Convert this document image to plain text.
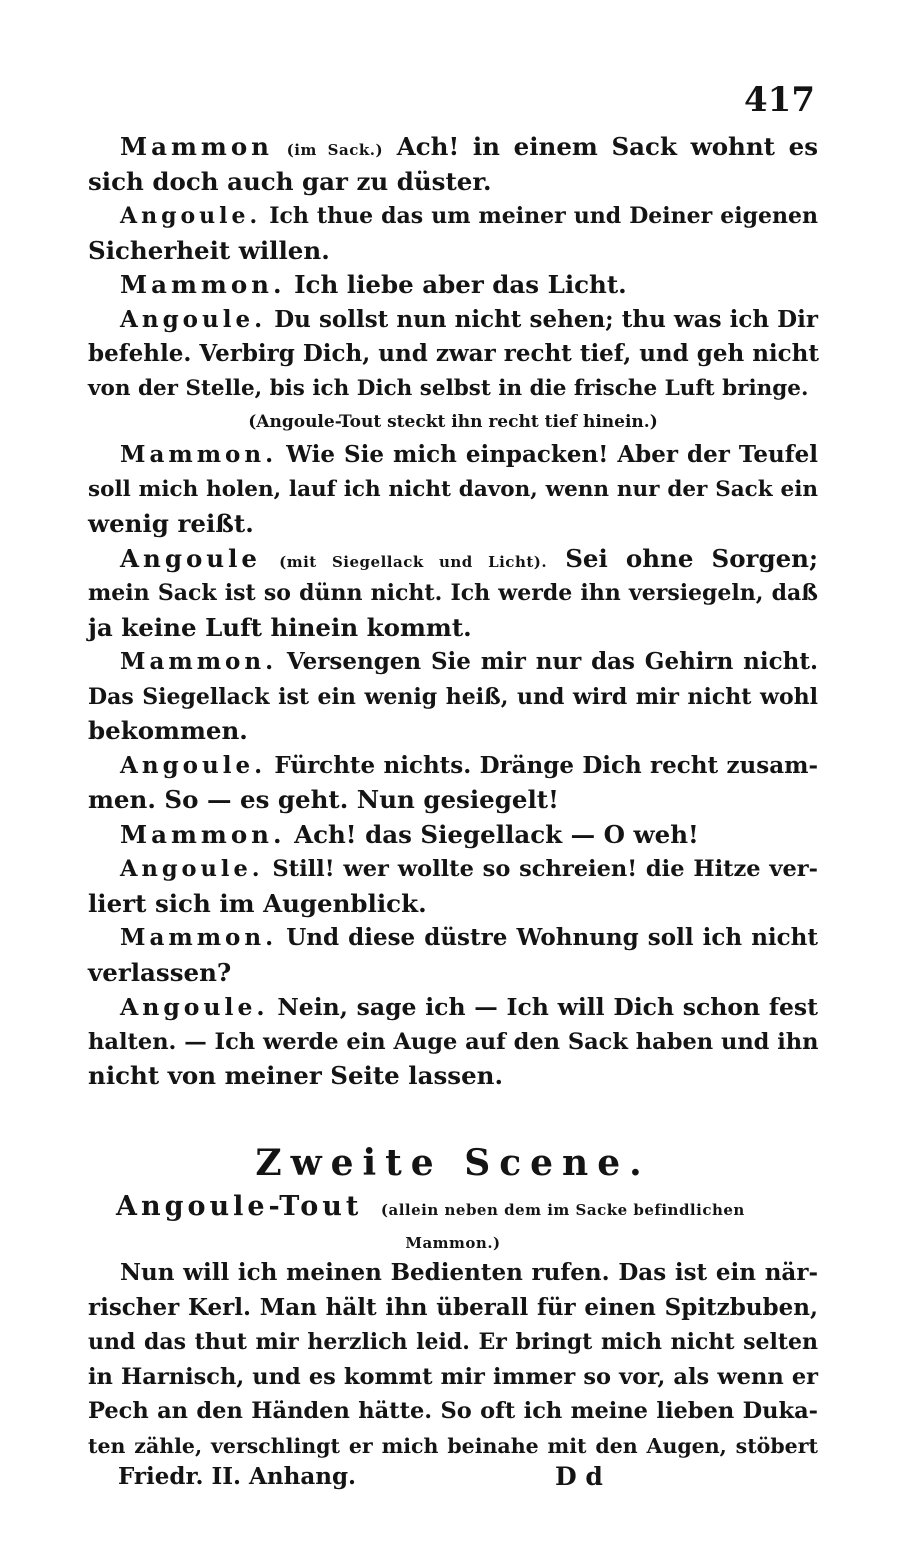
417
Mammon (im Sack.) Ach! in einem Sack wohnt es
sich doch auch gar zu düster.
Angoule. Ich thue das um meiner und Deiner eigenen
Sicherheit willen.
Mammon. Ich liebe aber das Licht.
Angoule. Du sollst nun nicht sehen; thu was ich Dir
befehle. Verbirg Dich, und zwar recht tief, und geh nicht
von der Stelle, bis ich Dich selbst in die frische Luft bringe.
(Angoule-Tout steckt ihn recht tief hinein.)
Mammon. Wie Sie mich einpacken! Aber der Teufel
soll mich holen, lauf ich nicht davon, wenn nur der Sack ein
wenig reißt.
Angoule (mit Siegellack und Licht). Sei ohne Sorgen;
mein Sack ist so dünn nicht. Ich werde ihn versiegeln, daß
ja keine Luft hinein kommt.
Mammon. Versengen Sie mir nur das Gehirn nicht.
Das Siegellack ist ein wenig heiß, und wird mir nicht wohl
bekommen.
Angoule. Fürchte nichts. Dränge Dich recht zusam-
men. So — es geht. Nun gesiegelt!
Mammon. Ach! das Siegellack — O weh!
Angoule. Still! wer wollte so schreien! die Hitze ver-
liert sich im Augenblick.
Mammon. Und diese düstre Wohnung soll ich nicht
verlassen?
Angoule. Nein, sage ich — Ich will Dich schon fest
halten. — Ich werde ein Auge auf den Sack haben und ihn
nicht von meiner Seite lassen.
Zweite Scene.
Angoule-Tout (allein neben dem im Sacke befindlichen
Mammon.)
Nun will ich meinen Bedienten rufen. Das ist ein när-
rischer Kerl. Man hält ihn überall für einen Spitzbuben,
und das thut mir herzlich leid. Er bringt mich nicht selten
in Harnisch, und es kommt mir immer so vor, als wenn er
Pech an den Händen hätte. So oft ich meine lieben Duka-
ten zähle, verschlingt er mich beinahe mit den Augen, stöbert
Friedr. II. Anhang.	D d
